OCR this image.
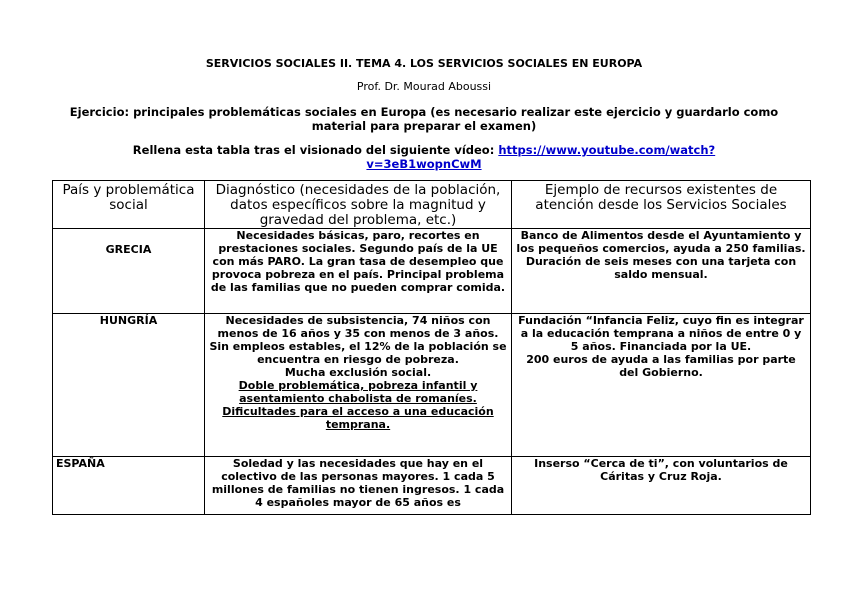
SERVICIOS SOCIALES II. TEMA 4. LOS SERVICIOS SOCIALES EN EUROPA
Prof. Dr. Mourad Aboussi
Ejercicio: principales problemáticas sociales en Europa (es necesario realizar este ejercicio y guardarlo como material para preparar el examen)
Rellena esta tabla tras el visionado del siguiente vídeo: https://www.youtube.com/watch?v=3eB1wopnCwM
País y problemática social	Diagnóstico (necesidades de la población, datos específicos sobre la magnitud y gravedad del problema, etc.)	Ejemplo de recursos existentes de atención desde los Servicios Sociales
GRECIA	Necesidades básicas, paro, recortes en prestaciones sociales. Segundo país de la UE con más PARO. La gran tasa de desempleo que provoca pobreza en el país. Principal problema de las familias que no pueden comprar comida.	Banco de Alimentos desde el Ayuntamiento y los pequeños comercios, ayuda a 250 familias. Duración de seis meses con una tarjeta con saldo mensual.
HUNGRÍA	Necesidades de subsistencia, 74 niños con menos de 16 años y 35 con menos de 3 años. Sin empleos estables, el 12% de la población se encuentra en riesgo de pobreza.
Mucha exclusión social.
Doble problemática, pobreza infantil y asentamiento chabolista de romaníes.
Dificultades para el acceso a una educación temprana.	Fundación “Infancia Feliz, cuyo fin es integrar a la educación temprana a niños de entre 0 y 5 años. Financiada por la UE.
200 euros de ayuda a las familias por parte del Gobierno.

ESPAÑA	Soledad y las necesidades que hay en el colectivo de las personas mayores. 1 cada 5 millones de familias no tienen ingresos. 1 cada 4 españoles mayor de 65 años es	Inserso “Cerca de ti”, con voluntarios de Cáritas y Cruz Roja.
